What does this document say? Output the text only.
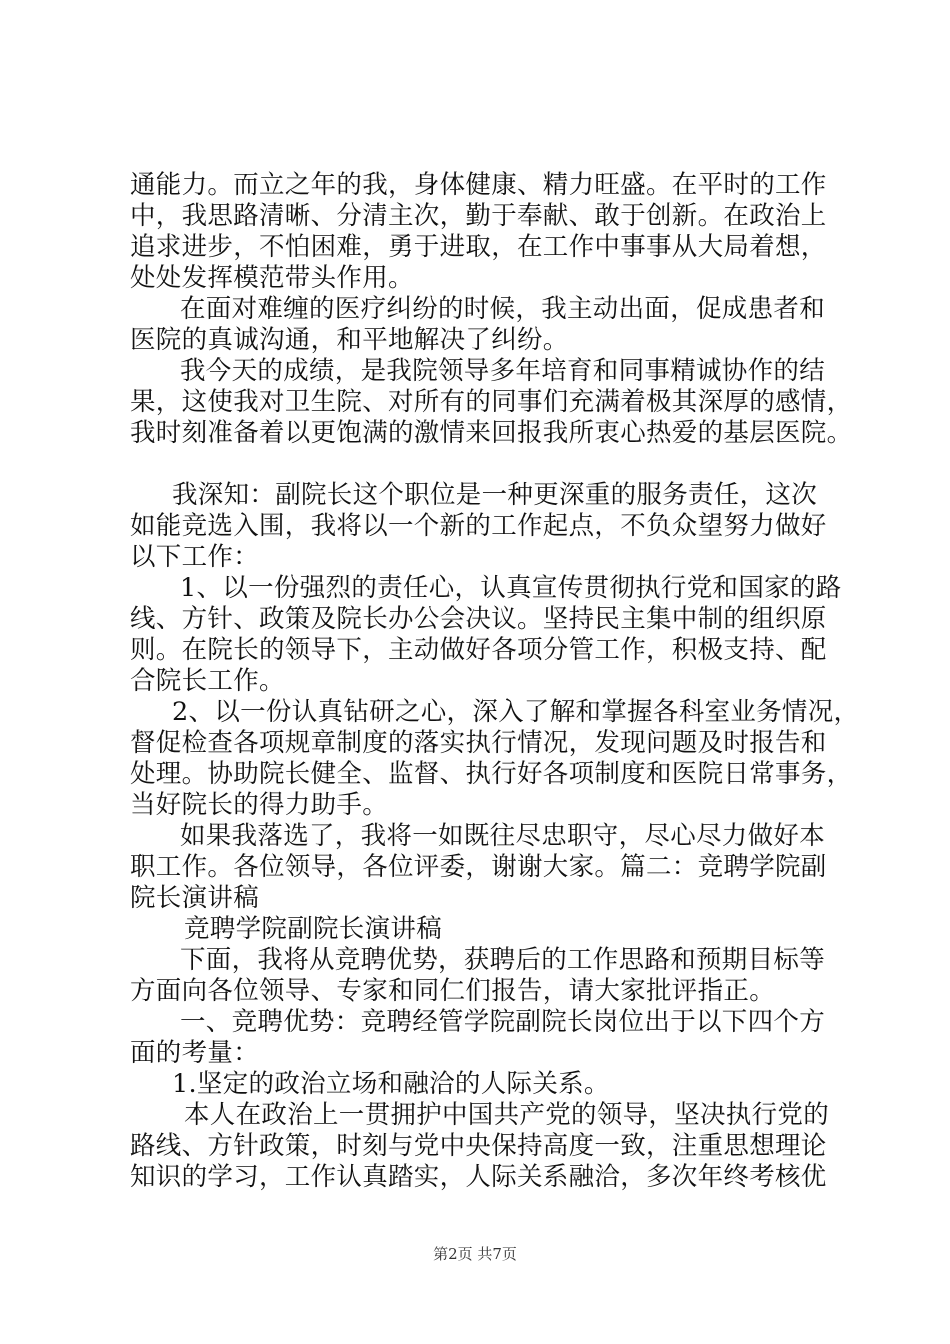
通能力。而立之年的我，身体健康、精力旺盛。在平时的工作
中，我思路清晰、分清主次，勤于奉献、敢于创新。在政治上
追求进步，不怕困难，勇于进取，在工作中事事从大局着想，
处处发挥模范带头作用。
在面对难缠的医疗纠纷的时候，我主动出面，促成患者和
医院的真诚沟通，和平地解决了纠纷。
我今天的成绩，是我院领导多年培育和同事精诚协作的结
果，这使我对卫生院、对所有的同事们充满着极其深厚的感情，
我时刻准备着以更饱满的激情来回报我所衷心热爱的基层医院。
我深知：副院长这个职位是一种更深重的服务责任，这次
如能竞选入围，我将以一个新的工作起点，不负众望努力做好
以下工作：
1、以一份强烈的责任心，认真宣传贯彻执行党和国家的路
线、方针、政策及院长办公会决议。坚持民主集中制的组织原
则。在院长的领导下，主动做好各项分管工作，积极支持、配
合院长工作。
2、以一份认真钻研之心，深入了解和掌握各科室业务情况，
督促检查各项规章制度的落实执行情况，发现问题及时报告和
处理。协助院长健全、监督、执行好各项制度和医院日常事务，
当好院长的得力助手。
如果我落选了，我将一如既往尽忠职守，尽心尽力做好本
职工作。各位领导，各位评委，谢谢大家。篇二：竞聘学院副
院长演讲稿
竞聘学院副院长演讲稿
下面，我将从竞聘优势，获聘后的工作思路和预期目标等
方面向各位领导、专家和同仁们报告，请大家批评指正。
一、竞聘优势：竞聘经管学院副院长岗位出于以下四个方
面的考量：
1.坚定的政治立场和融洽的人际关系。
本人在政治上一贯拥护中国共产党的领导，坚决执行党的
路线、方针政策，时刻与党中央保持高度一致，注重思想理论
知识的学习，工作认真踏实，人际关系融洽，多次年终考核优
第2页 共7页
